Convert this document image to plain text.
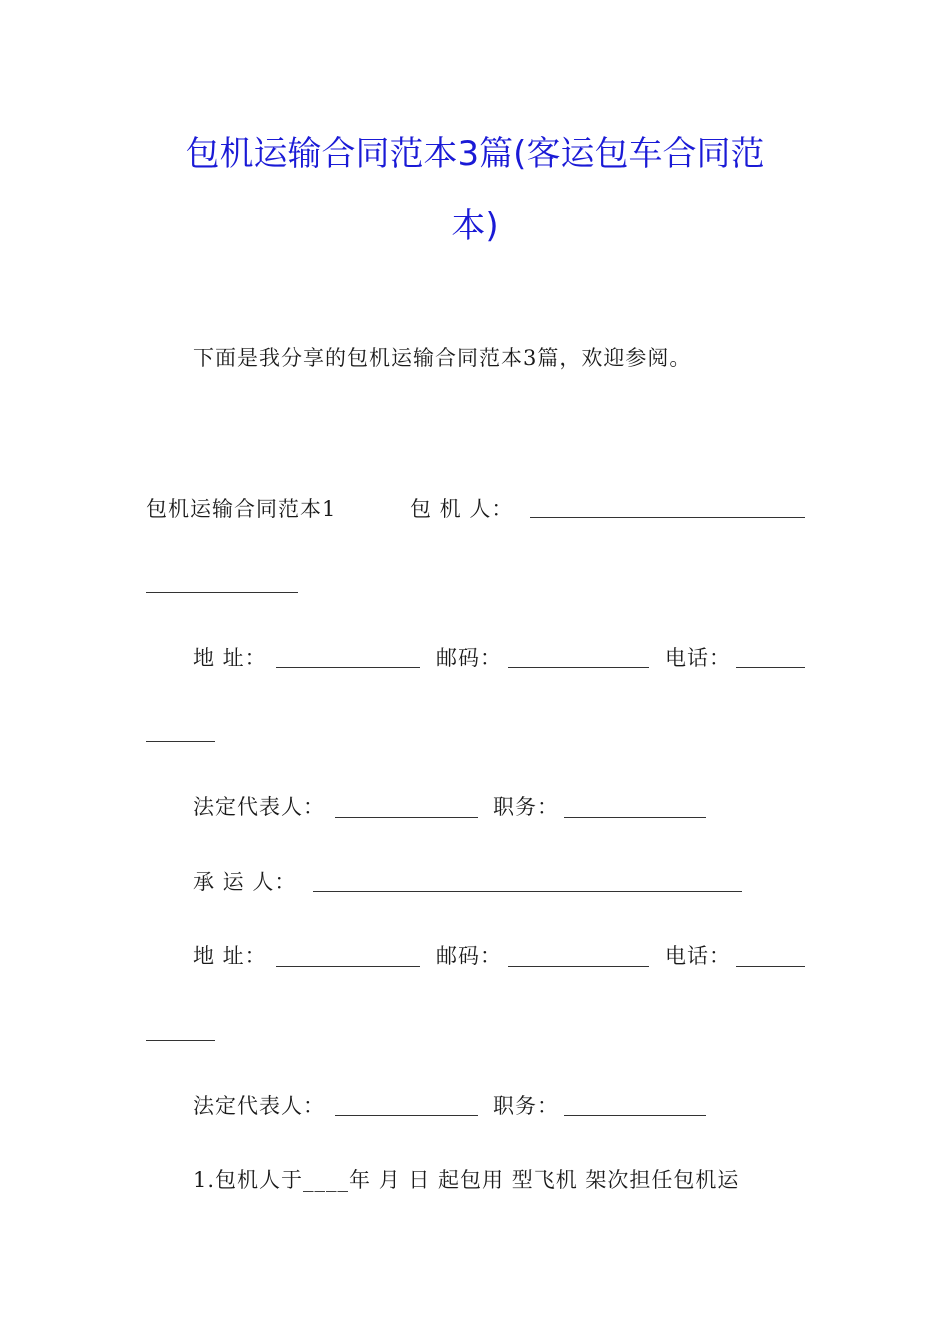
包机运输合同范本3篇(客运包车合同范
本)
下面是我分享的包机运输合同范本3篇，欢迎参阅。
包机运输合同范本1	包 机 人：
地 址：	邮码：	电话：
法定代表人：	职务：
承 运 人：
地 址：	邮码：	电话：
法定代表人：	职务：
1.包机人于____年 月 日 起包用 型飞机 架次担任包机运
